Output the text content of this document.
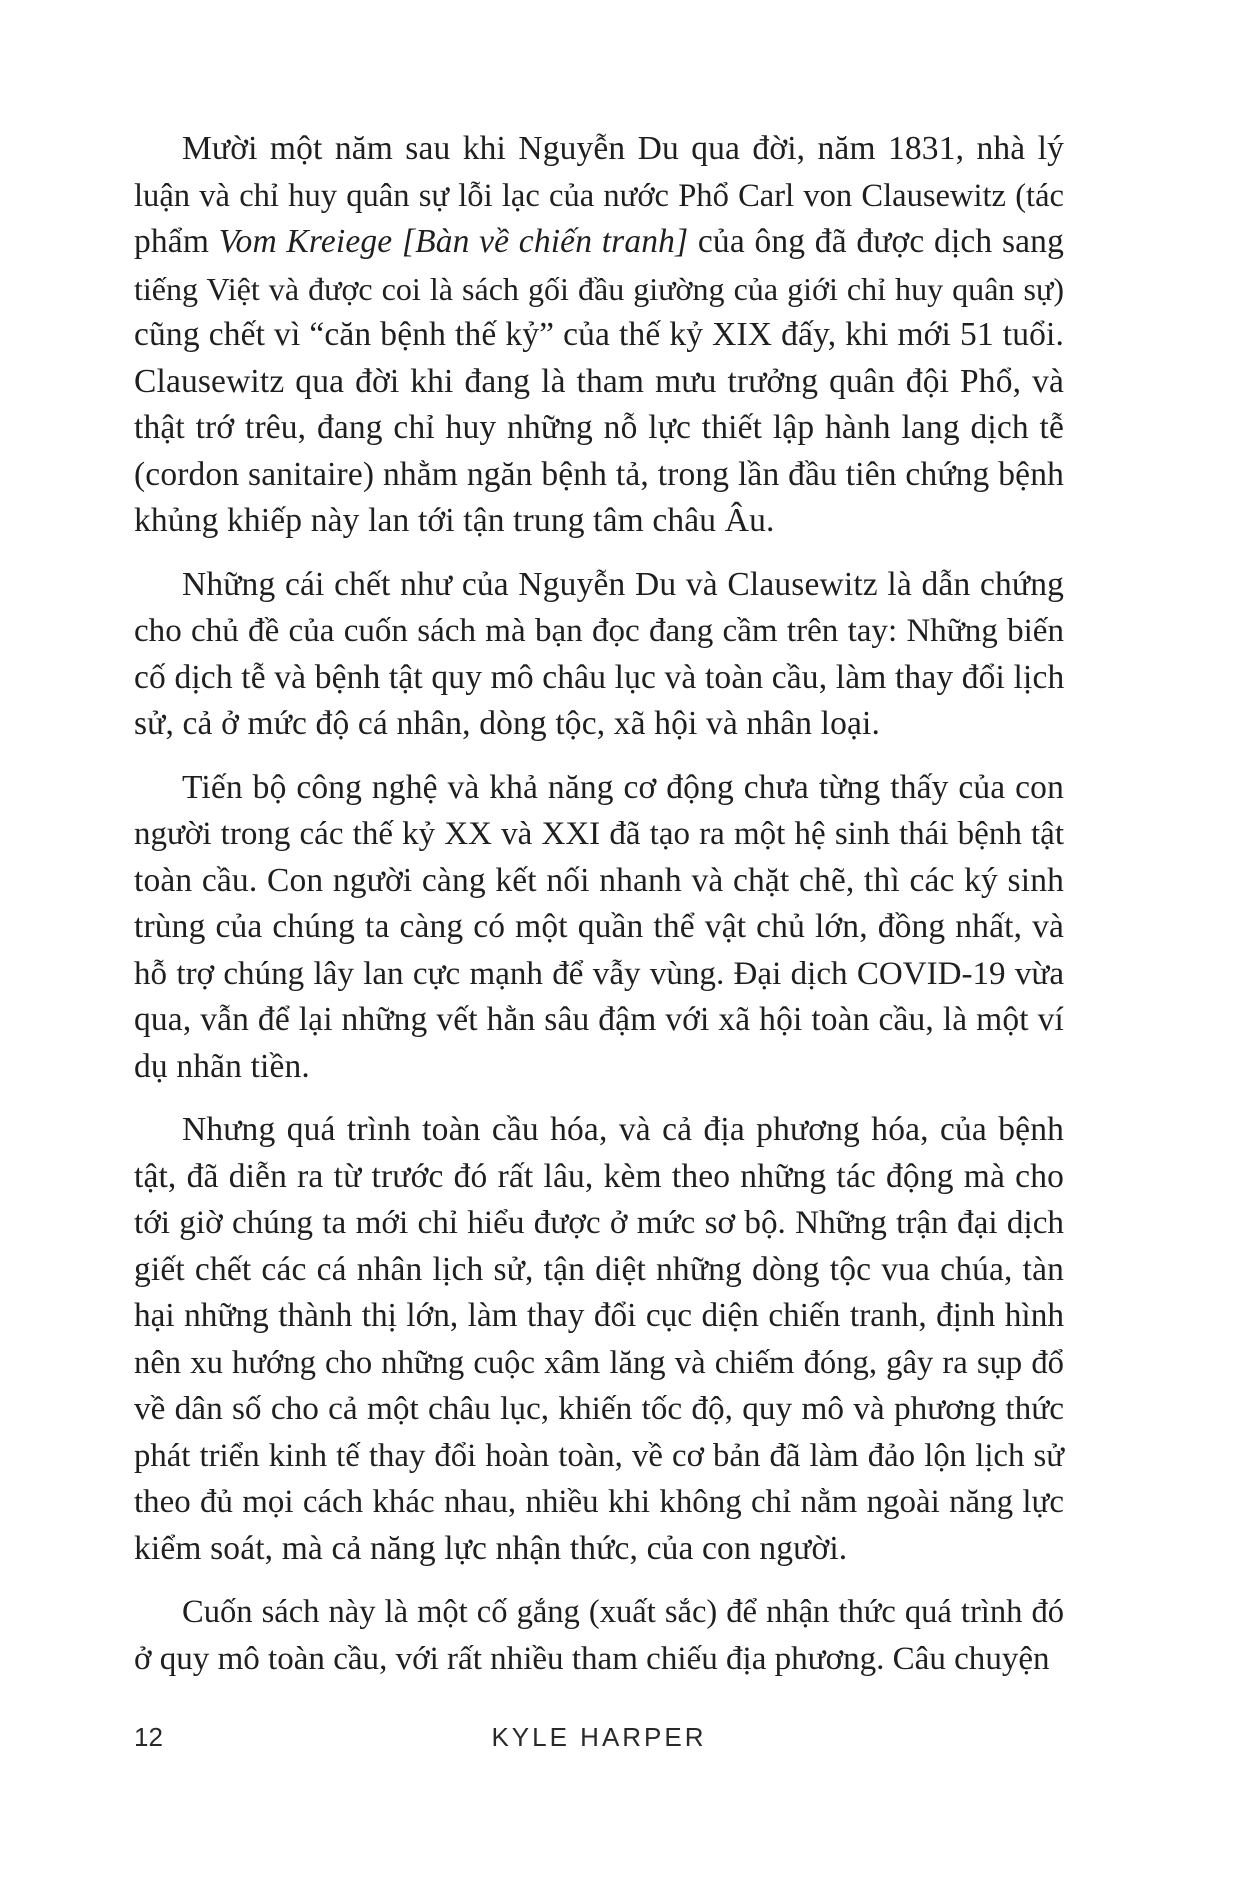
Mười một năm sau khi Nguyễn Du qua đời, năm 1831, nhà lý
luận và chỉ huy quân sự lỗi lạc của nước Phổ Carl von Clausewitz (tác
phẩm Vom Kreiege [Bàn về chiến tranh] của ông đã được dịch sang
tiếng Việt và được coi là sách gối đầu giường của giới chỉ huy quân sự)
cũng chết vì “căn bệnh thế kỷ” của thế kỷ XIX đấy, khi mới 51 tuổi.
Clausewitz qua đời khi đang là tham mưu trưởng quân đội Phổ, và
thật trớ trêu, đang chỉ huy những nỗ lực thiết lập hành lang dịch tễ
(cordon sanitaire) nhằm ngăn bệnh tả, trong lần đầu tiên chứng bệnh
khủng khiếp này lan tới tận trung tâm châu Âu.
Những cái chết như của Nguyễn Du và Clausewitz là dẫn chứng
cho chủ đề của cuốn sách mà bạn đọc đang cầm trên tay: Những biến
cố dịch tễ và bệnh tật quy mô châu lục và toàn cầu, làm thay đổi lịch
sử, cả ở mức độ cá nhân, dòng tộc, xã hội và nhân loại.
Tiến bộ công nghệ và khả năng cơ động chưa từng thấy của con
người trong các thế kỷ XX và XXI đã tạo ra một hệ sinh thái bệnh tật
toàn cầu. Con người càng kết nối nhanh và chặt chẽ, thì các ký sinh
trùng của chúng ta càng có một quần thể vật chủ lớn, đồng nhất, và
hỗ trợ chúng lây lan cực mạnh để vẫy vùng. Đại dịch COVID-19 vừa
qua, vẫn để lại những vết hằn sâu đậm với xã hội toàn cầu, là một ví
dụ nhãn tiền.
Nhưng quá trình toàn cầu hóa, và cả địa phương hóa, của bệnh
tật, đã diễn ra từ trước đó rất lâu, kèm theo những tác động mà cho
tới giờ chúng ta mới chỉ hiểu được ở mức sơ bộ. Những trận đại dịch
giết chết các cá nhân lịch sử, tận diệt những dòng tộc vua chúa, tàn
hại những thành thị lớn, làm thay đổi cục diện chiến tranh, định hình
nên xu hướng cho những cuộc xâm lăng và chiếm đóng, gây ra sụp đổ
về dân số cho cả một châu lục, khiến tốc độ, quy mô và phương thức
phát triển kinh tế thay đổi hoàn toàn, về cơ bản đã làm đảo lộn lịch sử
theo đủ mọi cách khác nhau, nhiều khi không chỉ nằm ngoài năng lực
kiểm soát, mà cả năng lực nhận thức, của con người.
Cuốn sách này là một cố gắng (xuất sắc) để nhận thức quá trình đó
ở quy mô toàn cầu, với rất nhiều tham chiếu địa phương. Câu chuyện
12	KYLE HARPER
